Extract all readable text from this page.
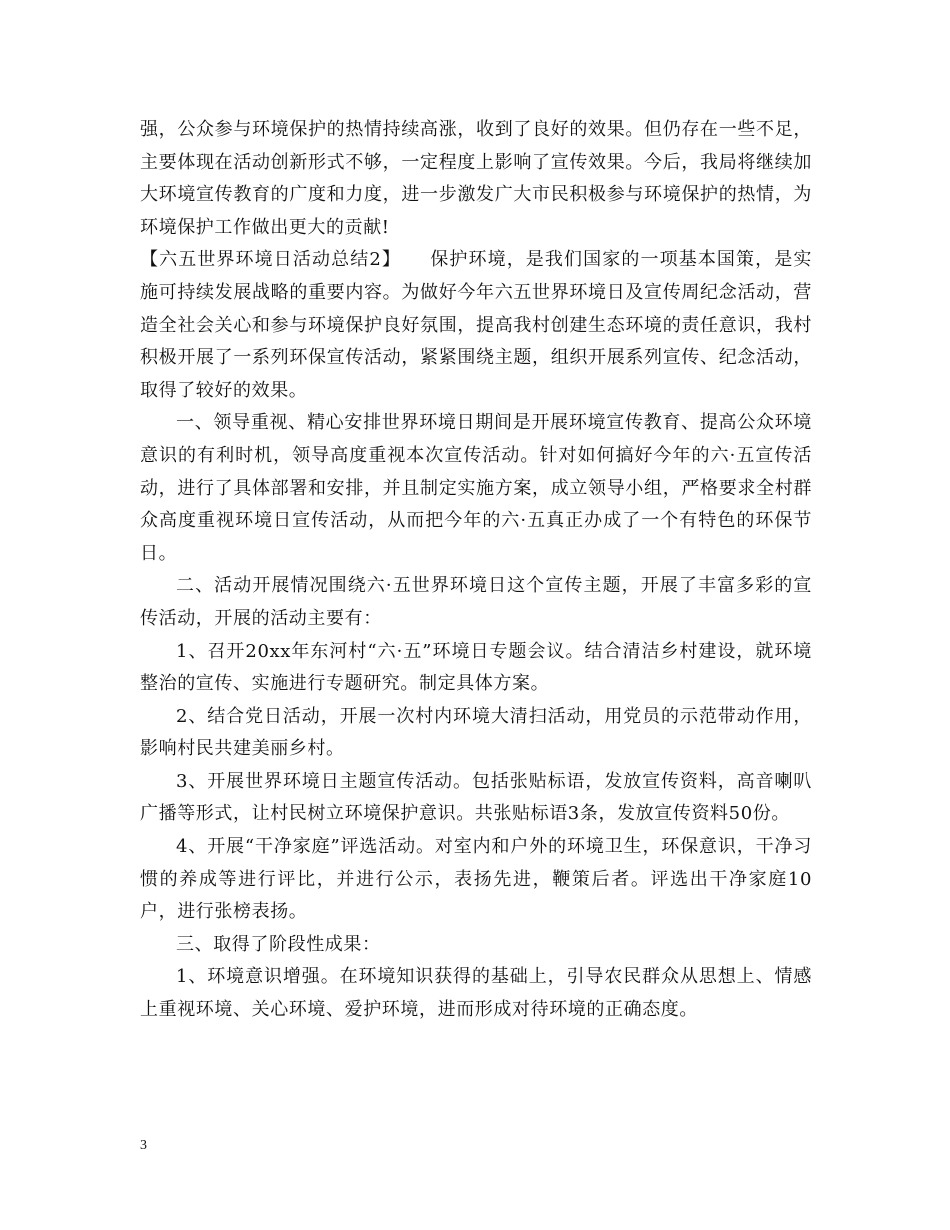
强，公众参与环境保护的热情持续高涨，收到了良好的效果。但仍存在一些不足，主要体现在活动创新形式不够，一定程度上影响了宣传效果。今后，我局将继续加大环境宣传教育的广度和力度，进一步激发广大市民积极参与环境保护的热情，为环境保护工作做出更大的贡献!

【六五世界环境日活动总结2】　　保护环境，是我们国家的一项基本国策，是实施可持续发展战略的重要内容。为做好今年六五世界环境日及宣传周纪念活动，营造全社会关心和参与环境保护良好氛围，提高我村创建生态环境的责任意识，我村积极开展了一系列环保宣传活动，紧紧围绕主题，组织开展系列宣传、纪念活动，取得了较好的效果。

一、领导重视、精心安排世界环境日期间是开展环境宣传教育、提高公众环境意识的有利时机，领导高度重视本次宣传活动。针对如何搞好今年的六·五宣传活动，进行了具体部署和安排，并且制定实施方案，成立领导小组，严格要求全村群众高度重视环境日宣传活动，从而把今年的六·五真正办成了一个有特色的环保节日。

二、活动开展情况围绕六·五世界环境日这个宣传主题，开展了丰富多彩的宣传活动，开展的活动主要有：

1、召开20xx年东河村“六·五”环境日专题会议。结合清洁乡村建设，就环境整治的宣传、实施进行专题研究。制定具体方案。

2、结合党日活动，开展一次村内环境大清扫活动，用党员的示范带动作用，影响村民共建美丽乡村。

3、开展世界环境日主题宣传活动。包括张贴标语，发放宣传资料，高音喇叭广播等形式，让村民树立环境保护意识。共张贴标语3条，发放宣传资料50份。

4、开展“干净家庭”评选活动。对室内和户外的环境卫生，环保意识，干净习惯的养成等进行评比，并进行公示，表扬先进，鞭策后者。评选出干净家庭10户，进行张榜表扬。

三、取得了阶段性成果：

1、环境意识增强。在环境知识获得的基础上，引导农民群众从思想上、情感上重视环境、关心环境、爱护环境，进而形成对待环境的正确态度。

3
